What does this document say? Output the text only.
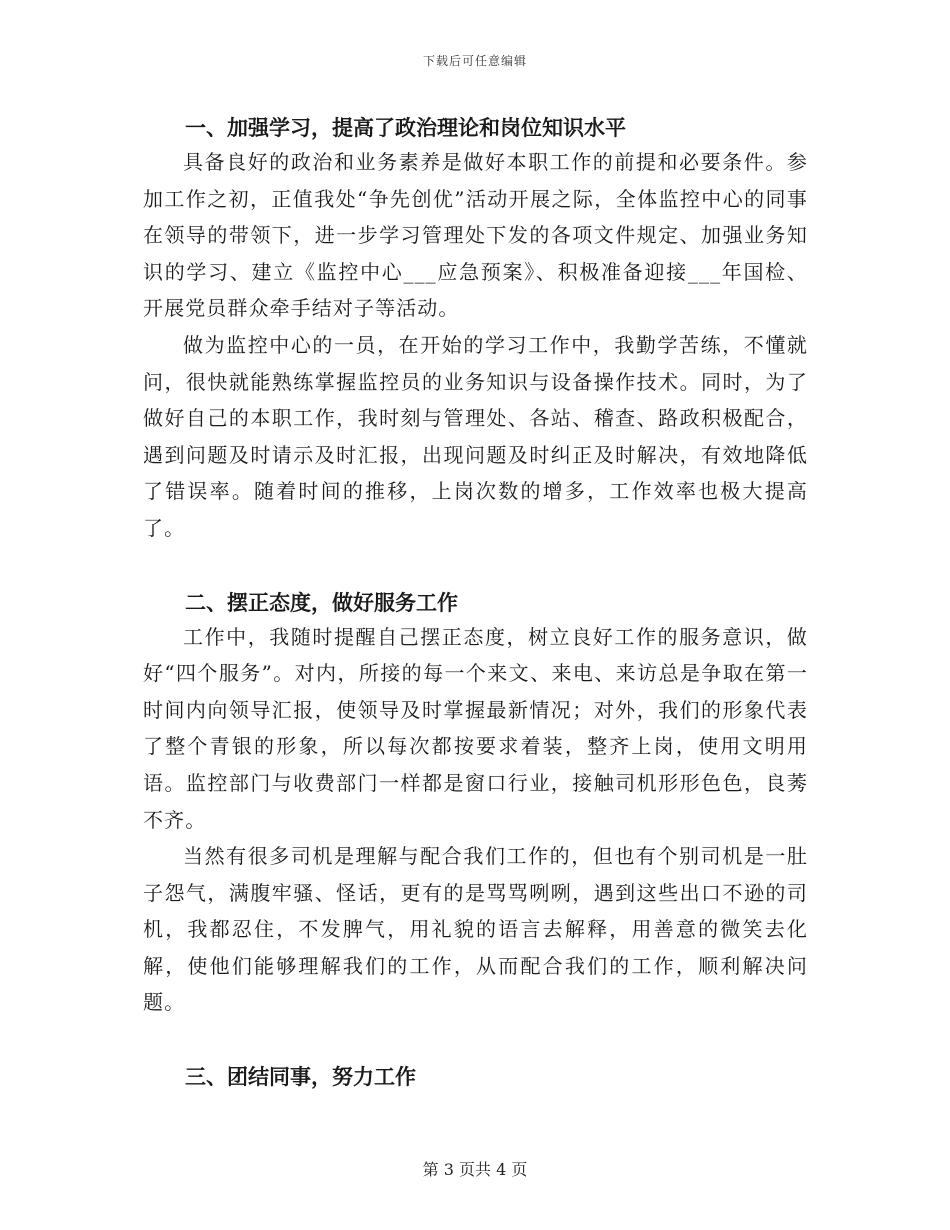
下载后可任意编辑
一、加强学习，提高了政治理论和岗位知识水平

具备良好的政治和业务素养是做好本职工作的前提和必要条件。参加工作之初，正值我处“争先创优”活动开展之际，全体监控中心的同事在领导的带领下，进一步学习管理处下发的各项文件规定、加强业务知识的学习、建立《监控中心___应急预案》、积极准备迎接___年国检、开展党员群众牵手结对子等活动。

做为监控中心的一员，在开始的学习工作中，我勤学苦练，不懂就问，很快就能熟练掌握监控员的业务知识与设备操作技术。同时，为了做好自己的本职工作，我时刻与管理处、各站、稽查、路政积极配合，遇到问题及时请示及时汇报，出现问题及时纠正及时解决，有效地降低了错误率。随着时间的推移，上岗次数的增多，工作效率也极大提高了。

二、摆正态度，做好服务工作

工作中，我随时提醒自己摆正态度，树立良好工作的服务意识，做好“四个服务”。对内，所接的每一个来文、来电、来访总是争取在第一时间内向领导汇报，使领导及时掌握最新情况；对外，我们的形象代表了整个青银的形象，所以每次都按要求着装，整齐上岗，使用文明用语。监控部门与收费部门一样都是窗口行业，接触司机形形色色，良莠不齐。

当然有很多司机是理解与配合我们工作的，但也有个别司机是一肚子怨气，满腹牢骚、怪话，更有的是骂骂咧咧，遇到这些出口不逊的司机，我都忍住，不发脾气，用礼貌的语言去解释，用善意的微笑去化解，使他们能够理解我们的工作，从而配合我们的工作，顺利解决问题。

三、团结同事，努力工作
第 3 页共 4 页
